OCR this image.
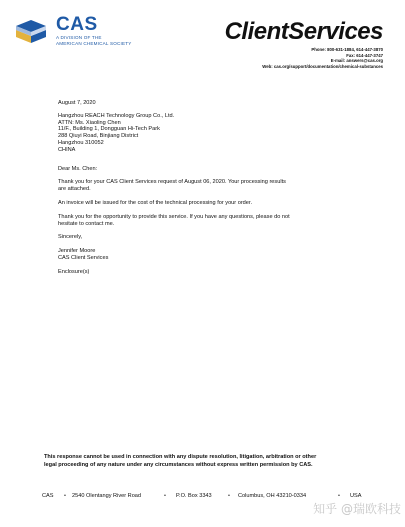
CAS
A DIVISION OF THE
AMERICAN CHEMICAL SOCIETY	ClientServices
Phone: 800-631-1884, 614-447-3870
Fax: 614-447-3747
E-mail: answers@cas.org
Web: cas.org/support/documentation/chemical-substances

August 7, 2020

Hangzhou REACH Technology Group Co., Ltd.

ATTN: Ms. Xiaoling Chen

11/F., Building 1, Dongguan Hi-Tech Park

288 Qiuyi Road, Binjiang District

Hangzhou 310052

CHINA

Dear Ms. Chen:

Thank you for your CAS Client Services request of August 06, 2020. Your processing results

are attached.

An invoice will be issued for the cost of the technical processing for your order.

Thank you for the opportunity to provide this service. If you have any questions, please do not

hesitate to contact me.

Sincerely,

Jennifer Moore

CAS Client Services

Enclosure(s)

This response cannot be used in connection with any dispute resolution, litigation, arbitration or other
legal proceeding of any nature under any circumstances without express written permission by CAS.
CAS • 2540 Olentangy River Road	• P.O. Box 3343	• Columbus, OH 43210-0334	• USA
知乎 @瑞欧科技
